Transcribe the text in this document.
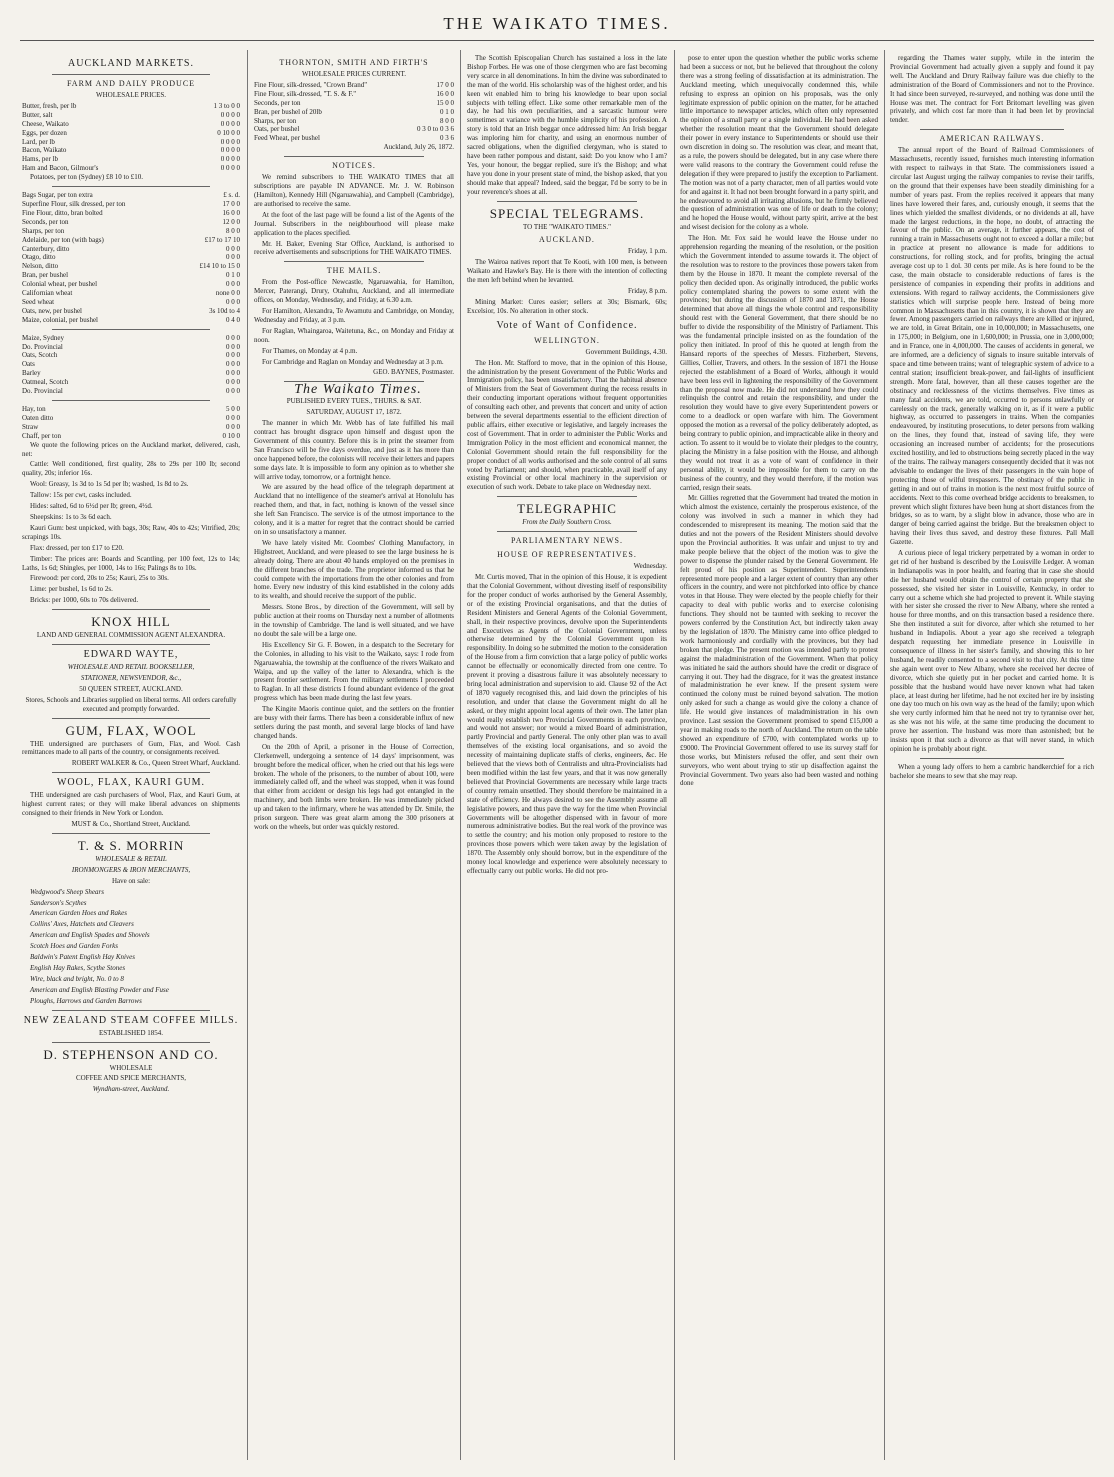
THE WAIKATO TIMES.

AUCKLAND MARKETS.

FARM AND DAILY PRODUCE

WHOLESALE PRICES.

Butter, fresh, per lb	1 3 to 0 0
Butter, salt	0 0 0 0
Cheese, Waikato	0 0 0 0
Eggs, per dozen	0 10 0 0
Lard, per lb	0 0 0 0
Bacon, Waikato	0 0 0 0
Hams, per lb	0 0 0 0
Ham and Bacon, Gilmour's	0 0 0 0

Potatoes, per ton (Sydney) £8 10 to £10.

Bags Sugar, per ton extra	£ s. d.
Superfine Flour, silk dressed, per ton	17 0 0
Fine Flour, ditto, bran bolted	16 0 0
Seconds, per ton	12 0 0
Sharps, per ton	8 0 0
Adelaide, per ton (with bags)	£17 to 17 10
Canterbury, ditto	0 0 0
Otago, ditto	0 0 0
Nelson, ditto	£14 10 to 15 0
Bran, per bushel	0 1 0
Colonial wheat, per bushel	0 0 0
Californian wheat	none 0 0
Seed wheat	0 0 0
Oats, new, per bushel	3s 10d to 4
Maize, colonial, per bushel	0 4 0
Maize, Sydney	0 0 0
Do. Provincial	0 0 0
Oats, Scotch	0 0 0
Oats	0 0 0
Barley	0 0 0
Oatmeal, Scotch	0 0 0
Do. Provincial	0 0 0
Hay, ton	5 0 0
Oaten ditto	0 0 0
Straw	0 0 0
Chaff, per ton	0 10 0

We quote the following prices on the Auckland market, delivered, cash, net:

Cattle: Well conditioned, first quality, 28s to 29s per 100 lb; second quality, 20s; inferior 16s.

Wool: Greasy, 1s 3d to 1s 5d per lb; washed, 1s 8d to 2s.

Tallow: 15s per cwt, casks included.

Hides: salted, 6d to 6½d per lb; green, 4½d.

Sheepskins: 1s to 3s 6d each.

Kauri Gum: best unpicked, with bags, 30s; Raw, 40s to 42s; Vitrified, 20s; scrapings 10s.

Flax: dressed, per ton £17 to £20.

Timber: The prices are: Boards and Scantling, per 100 feet, 12s to 14s; Laths, 1s 6d; Shingles, per 1000, 14s to 16s; Palings 8s to 10s.

Firewood: per cord, 20s to 25s; Kauri, 25s to 30s.

Lime: per bushel, 1s 6d to 2s.

Bricks: per 1000, 60s to 70s delivered.

KNOX HILL

LAND AND GENERAL COMMISSION AGENT ALEXANDRA.

EDWARD WAYTE,

WHOLESALE AND RETAIL BOOKSELLER,

STATIONER, NEWSVENDOR, &c.,

50 QUEEN STREET, AUCKLAND.

Stores, Schools and Libraries supplied on liberal terms. All orders carefully executed and promptly forwarded.

GUM, FLAX, WOOL

THE undersigned are purchasers of Gum, Flax, and Wool. Cash remittances made to all parts of the country, or consignments received.

ROBERT WALKER & Co., Queen Street Wharf, Auckland.

WOOL, FLAX, KAURI GUM.

THE undersigned are cash purchasers of Wool, Flax, and Kauri Gum, at highest current rates; or they will make liberal advances on shipments consigned to their friends in New York or London.

MUST & Co., Shortland Street, Auckland.

T. & S. MORRIN

WHOLESALE & RETAIL

IRONMONGERS & IRON MERCHANTS,

Have on sale:

Wedgwood's Sheep Shears

Sanderson's Scythes

American Garden Hoes and Rakes

Collins' Axes, Hatchets and Cleavers

American and English Spades and Shovels

Scotch Hoes and Garden Forks

Baldwin's Patent English Hay Knives

English Hay Rakes, Scythe Stones

Wire, black and bright, No. 0 to 8

American and English Blasting Powder and Fuse

Ploughs, Harrows and Garden Barrows

NEW ZEALAND STEAM COFFEE MILLS.

ESTABLISHED 1854.

D. STEPHENSON AND CO.

WHOLESALE

COFFEE AND SPICE MERCHANTS,

Wyndham-street, Auckland.

THORNTON, SMITH AND FIRTH'S

WHOLESALE PRICES CURRENT.

Fine Flour, silk-dressed, "Crown Brand"	17 0 0
Fine Flour, silk-dressed, "T. S. & F."	16 0 0
Seconds, per ton	15 0 0
Bran, per bushel of 20lb	0 1 0
Sharps, per ton	8 0 0
Oats, per bushel	0 3 0 to 0 3 6
Feed Wheat, per bushel	0 3 6

Auckland, July 26, 1872.

NOTICES.

We remind subscribers to THE WAIKATO TIMES that all subscriptions are payable IN ADVANCE. Mr. J. W. Robinson (Hamilton), Kennedy Hill (Ngaruawahia), and Campbell (Cambridge), are authorised to receive the same.

At the foot of the last page will be found a list of the Agents of the Journal. Subscribers in the neighbourhood will please make application to the places specified.

Mr. H. Baker, Evening Star Office, Auckland, is authorised to receive advertisements and subscriptions for THE WAIKATO TIMES.

THE MAILS.

From the Post-office Newcastle, Ngaruawahia, for Hamilton, Mercer, Paterangi, Drury, Otahuhu, Auckland, and all intermediate offices, on Monday, Wednesday, and Friday, at 6.30 a.m.

For Hamilton, Alexandra, Te Awamutu and Cambridge, on Monday, Wednesday and Friday, at 3 p.m.

For Raglan, Whaingaroa, Waitetuna, &c., on Monday and Friday at noon.

For Thames, on Monday at 4 p.m.

For Cambridge and Raglan on Monday and Wednesday at 3 p.m.

GEO. BAYNES, Postmaster.

The Waikato Times.

PUBLISHED EVERY TUES., THURS. & SAT.

SATURDAY, AUGUST 17, 1872.

The manner in which Mr. Webb has of late fulfilled his mail contract has brought disgrace upon himself and disgust upon the Government of this country. Before this is in print the steamer from San Francisco will be five days overdue, and just as it has more than once happened before, the colonists will receive their letters and papers some days late. It is impossible to form any opinion as to whether she will arrive today, tomorrow, or a fortnight hence.

We are assured by the head office of the telegraph department at Auckland that no intelligence of the steamer's arrival at Honolulu has reached them, and that, in fact, nothing is known of the vessel since she left San Francisco. The service is of the utmost importance to the colony, and it is a matter for regret that the contract should be carried on in so unsatisfactory a manner.

We have lately visited Mr. Coombes' Clothing Manufactory, in Highstreet, Auckland, and were pleased to see the large business he is already doing. There are about 40 hands employed on the premises in the different branches of the trade. The proprietor informed us that he could compete with the importations from the other colonies and from home. Every new industry of this kind established in the colony adds to its wealth, and should receive the support of the public.

Messrs. Stone Bros., by direction of the Government, will sell by public auction at their rooms on Thursday next a number of allotments in the township of Cambridge. The land is well situated, and we have no doubt the sale will be a large one.

His Excellency Sir G. F. Bowen, in a despatch to the Secretary for the Colonies, in alluding to his visit to the Waikato, says: I rode from Ngaruawahia, the township at the confluence of the rivers Waikato and Waipa, and up the valley of the latter to Alexandra, which is the present frontier settlement. From the military settlements I proceeded to Raglan. In all these districts I found abundant evidence of the great progress which has been made during the last few years.

The Kingite Maoris continue quiet, and the settlers on the frontier are busy with their farms. There has been a considerable influx of new settlers during the past month, and several large blocks of land have changed hands.

On the 20th of April, a prisoner in the House of Correction, Clerkenwell, undergoing a sentence of 14 days' imprisonment, was brought before the medical officer, when he cried out that his legs were broken. The whole of the prisoners, to the number of about 100, were immediately called off, and the wheel was stopped, when it was found that either from accident or design his legs had got entangled in the machinery, and both limbs were broken. He was immediately picked up and taken to the infirmary, where he was attended by Dr. Smile, the prison surgeon. There was great alarm among the 300 prisoners at work on the wheels, but order was quickly restored.

The Scottish Episcopalian Church has sustained a loss in the late Bishop Forbes. He was one of those clergymen who are fast becoming very scarce in all denominations. In him the divine was subordinated to the man of the world. His scholarship was of the highest order, and his keen wit enabled him to bring his knowledge to bear upon social subjects with telling effect. Like some other remarkable men of the day, he had his own peculiarities, and a sarcastic humour were sometimes at variance with the humble simplicity of his profession. A story is told that an Irish beggar once addressed him: An Irish beggar was imploring him for charity, and using an enormous number of sacred obligations, when the dignified clergyman, who is stated to have been rather pompous and distant, said: Do you know who I am? Yes, your honour, the beggar replied, sure it's the Bishop; and what have you done in your present state of mind, the bishop asked, that you should make that appeal? Indeed, said the beggar, I'd be sorry to be in your reverence's shoes at all.

SPECIAL TELEGRAMS.

TO THE "WAIKATO TIMES."

AUCKLAND.

Friday, 1 p.m.

The Wairoa natives report that Te Kooti, with 100 men, is between Waikato and Hawke's Bay. He is there with the intention of collecting the men left behind when he levanted.

Friday, 8 p.m.

Mining Market: Cures easier; sellers at 30s; Bismark, 60s; Excelsior, 10s. No alteration in other stock.

Vote of Want of Confidence.

WELLINGTON.

Government Buildings, 4.30.

The Hon. Mr. Stafford to move, that in the opinion of this House, the administration by the present Government of the Public Works and Immigration policy, has been unsatisfactory. That the habitual absence of Ministers from the Seat of Government during the recess results in their conducting important operations without frequent opportunities of consulting each other, and prevents that concert and unity of action between the several departments essential to the efficient direction of public affairs, either executive or legislative, and largely increases the cost of Government. That in order to administer the Public Works and Immigration Policy in the most efficient and economical manner, the Colonial Government should retain the full responsibility for the proper conduct of all works authorised and the sole control of all sums voted by Parliament; and should, when practicable, avail itself of any existing Provincial or other local machinery in the supervision or execution of such work. Debate to take place on Wednesday next.

TELEGRAPHIC

From the Daily Southern Cross.

PARLIAMENTARY NEWS.

HOUSE OF REPRESENTATIVES.

Wednesday.

Mr. Curtis moved, That in the opinion of this House, it is expedient that the Colonial Government, without divesting itself of responsibility for the proper conduct of works authorised by the General Assembly, or of the existing Provincial organisations, and that the duties of Resident Ministers and General Agents of the Colonial Government, shall, in their respective provinces, devolve upon the Superintendents and Executives as Agents of the Colonial Government, unless otherwise determined by the Colonial Government upon its responsibility. In doing so he submitted the motion to the consideration of the House from a firm conviction that a large policy of public works cannot be effectually or economically directed from one centre. To prevent it proving a disastrous failure it was absolutely necessary to bring local administration and supervision to aid. Clause 92 of the Act of 1870 vaguely recognised this, and laid down the principles of his resolution, and under that clause the Government might do all he asked, or they might appoint local agents of their own. The latter plan would really establish two Provincial Governments in each province, and would not answer; nor would a mixed Board of administration, partly Provincial and partly General. The only other plan was to avail themselves of the existing local organisations, and so avoid the necessity of maintaining duplicate staffs of clerks, engineers, &c. He believed that the views both of Centralists and ultra-Provincialists had been modified within the last few years, and that it was now generally believed that Provincial Governments are necessary while large tracts of country remain unsettled. They should therefore be maintained in a state of efficiency. He always desired to see the Assembly assume all legislative powers, and thus pave the way for the time when Provincial Governments will be altogether dispensed with in favour of more numerous administrative bodies. But the real work of the province was to settle the country; and his motion only proposed to restore to the provinces those powers which were taken away by the legislation of 1870. The Assembly only should borrow, but in the expenditure of the money local knowledge and experience were absolutely necessary to effectually carry out public works. He did not pro-

pose to enter upon the question whether the public works scheme had been a success or not, but he believed that throughout the colony there was a strong feeling of dissatisfaction at its administration. The Auckland meeting, which unequivocally condemned this, while refusing to express an opinion on his proposals, was the only legitimate expression of public opinion on the matter, for he attached little importance to newspaper articles, which often only represented the opinion of a small party or a single individual. He had been asked whether the resolution meant that the Government should delegate their power in every instance to Superintendents or should use their own discretion in doing so. The resolution was clear, and meant that, as a rule, the powers should be delegated, but in any case where there were valid reasons to the contrary the Government could refuse the delegation if they were prepared to justify the exception to Parliament. The motion was not of a party character, men of all parties would vote for and against it. It had not been brought forward in a party spirit, and he endeavoured to avoid all irritating allusions, but he firmly believed the question of administration was one of life or death to the colony; and he hoped the House would, without party spirit, arrive at the best and wisest decision for the colony as a whole.

The Hon. Mr. Fox said he would leave the House under no apprehension regarding the meaning of the resolution, or the position which the Government intended to assume towards it. The object of the resolution was to restore to the provinces those powers taken from them by the House in 1870. It meant the complete reversal of the policy then decided upon. As originally introduced, the public works policy contemplated sharing the powers to some extent with the provinces; but during the discussion of 1870 and 1871, the House determined that above all things the whole control and responsibility should rest with the General Government, that there should be no buffer to divide the responsibility of the Ministry of Parliament. This was the fundamental principle insisted on as the foundation of the policy then initiated. In proof of this he quoted at length from the Hansard reports of the speeches of Messrs. Fitzherbert, Stevens, Gillies, Collier, Travers, and others. In the session of 1871 the House rejected the establishment of a Board of Works, although it would have been less evil in lightening the responsibility of the Government than the proposal now made. He did not understand how they could relinquish the control and retain the responsibility, and under the resolution they would have to give every Superintendent powers or come to a deadlock or open warfare with him. The Government opposed the motion as a reversal of the policy deliberately adopted, as being contrary to public opinion, and impracticable alike in theory and action. To assent to it would be to violate their pledges to the country, placing the Ministry in a false position with the House, and although they would not treat it as a vote of want of confidence in their personal ability, it would be impossible for them to carry on the business of the country, and they would therefore, if the motion was carried, resign their seats.

Mr. Gillies regretted that the Government had treated the motion in which almost the existence, certainly the prosperous existence, of the colony was involved in such a manner in which they had condescended to misrepresent its meaning. The motion said that the duties and not the powers of the Resident Ministers should devolve upon the Provincial authorities. It was unfair and unjust to try and make people believe that the object of the motion was to give the power to dispense the plunder raised by the General Government. He felt proud of his position as Superintendent. Superintendents represented more people and a larger extent of country than any other officers in the country, and were not pitchforked into office by chance votes in that House. They were elected by the people chiefly for their capacity to deal with public works and to exercise colonising functions. They should not be taunted with seeking to recover the powers conferred by the Constitution Act, but indirectly taken away by the legislation of 1870. The Ministry came into office pledged to work harmoniously and cordially with the provinces, but they had broken that pledge. The present motion was intended partly to protest against the maladministration of the Government. When that policy was initiated he said the authors should have the credit or disgrace of carrying it out. They had the disgrace, for it was the greatest instance of maladministration he ever knew. If the present system were continued the colony must be ruined beyond salvation. The motion only asked for such a change as would give the colony a chance of life. He would give instances of maladministration in his own province. Last session the Government promised to spend £15,000 a year in making roads to the north of Auckland. The return on the table showed an expenditure of £700, with contemplated works up to £9000. The Provincial Government offered to use its survey staff for those works, but Ministers refused the offer, and sent their own surveyors, who went about trying to stir up disaffection against the Provincial Government. Two years also had been wasted and nothing done

regarding the Thames water supply, while in the interim the Provincial Government had actually given a supply and found it pay well. The Auckland and Drury Railway failure was due chiefly to the administration of the Board of Commissioners and not to the Province. It had since been surveyed, re-surveyed, and nothing was done until the House was met. The contract for Fort Britomart levelling was given privately, and which cost far more than it had been let by provincial tender.

AMERICAN RAILWAYS.

The annual report of the Board of Railroad Commissioners of Massachusetts, recently issued, furnishes much interesting information with respect to railways in that State. The commissioners issued a circular last August urging the railway companies to revise their tariffs, on the ground that their expenses have been steadily diminishing for a number of years past. From the replies received it appears that many lines have lowered their fares, and, curiously enough, it seems that the lines which yielded the smallest dividends, or no dividends at all, have made the largest reductions, in the hope, no doubt, of attracting the favour of the public. On an average, it further appears, the cost of running a train in Massachusetts ought not to exceed a dollar a mile; but in practice at present no allowance is made for additions to constructions, for rolling stock, and for profits, bringing the actual average cost up to 1 dol. 30 cents per mile. As is here found to be the case, the main obstacle to considerable reductions of fares is the persistence of companies in expending their profits in additions and extensions. With regard to railway accidents, the Commissioners give statistics which will surprise people here. Instead of being more common in Massachusetts than in this country, it is shown that they are fewer. Among passengers carried on railways there are killed or injured, we are told, in Great Britain, one in 10,000,000; in Massachusetts, one in 175,000; in Belgium, one in 1,600,000; in Prussia, one in 3,000,000; and in France, one in 4,000,000. The causes of accidents in general, we are informed, are a deficiency of signals to insure suitable intervals of space and time between trains; want of telegraphic system of advice to a central station; insufficient break-power, and fail-lights of insufficient strength. More fatal, however, than all these causes together are the obstinacy and recklessness of the victims themselves. Five times as many fatal accidents, we are told, occurred to persons unlawfully or carelessly on the track, generally walking on it, as if it were a public highway, as occurred to passengers in trains. When the companies endeavoured, by instituting prosecutions, to deter persons from walking on the lines, they found that, instead of saving life, they were occasioning an increased number of accidents; for the prosecutions excited hostility, and led to obstructions being secretly placed in the way of the trains. The railway managers consequently decided that it was not advisable to endanger the lives of their passengers in the vain hope of protecting those of wilful trespassers. The obstinacy of the public in getting in and out of trains in motion is the next most fruitful source of accidents. Next to this come overhead bridge accidents to breaksmen, to prevent which slight fixtures have been hung at short distances from the bridges, so as to warn, by a slight blow in advance, those who are in danger of being carried against the bridge. But the breaksmen object to having their lives thus saved, and destroy these fixtures. Pall Mall Gazette.

A curious piece of legal trickery perpetrated by a woman in order to get rid of her husband is described by the Louisville Ledger. A woman in Indianapolis was in poor health, and fearing that in case she should die her husband would obtain the control of certain property that she possessed, she visited her sister in Louisville, Kentucky, in order to carry out a scheme which she had projected to prevent it. While staying with her sister she crossed the river to New Albany, where she rented a house for three months, and on this transaction based a residence there. She then instituted a suit for divorce, after which she returned to her husband in Indiapolis. About a year ago she received a telegraph despatch requesting her immediate presence in Louisville in consequence of illness in her sister's family, and showing this to her husband, he readily consented to a second visit to that city. At this time she again went over to New Albany, where she received her decree of divorce, which she quietly put in her pocket and carried home. It is possible that the husband would have never known what had taken place, at least during her lifetime, had he not excited her ire by insisting one day too much on his own way as the head of the family; upon which she very curtly informed him that he need not try to tyrannise over her, as she was not his wife, at the same time producing the document to prove her assertion. The husband was more than astonished; but he insists upon it that such a divorce as that will never stand, in which opinion he is probably about right.

When a young lady offers to hem a cambric handkerchief for a rich bachelor she means to sew that she may reap.
